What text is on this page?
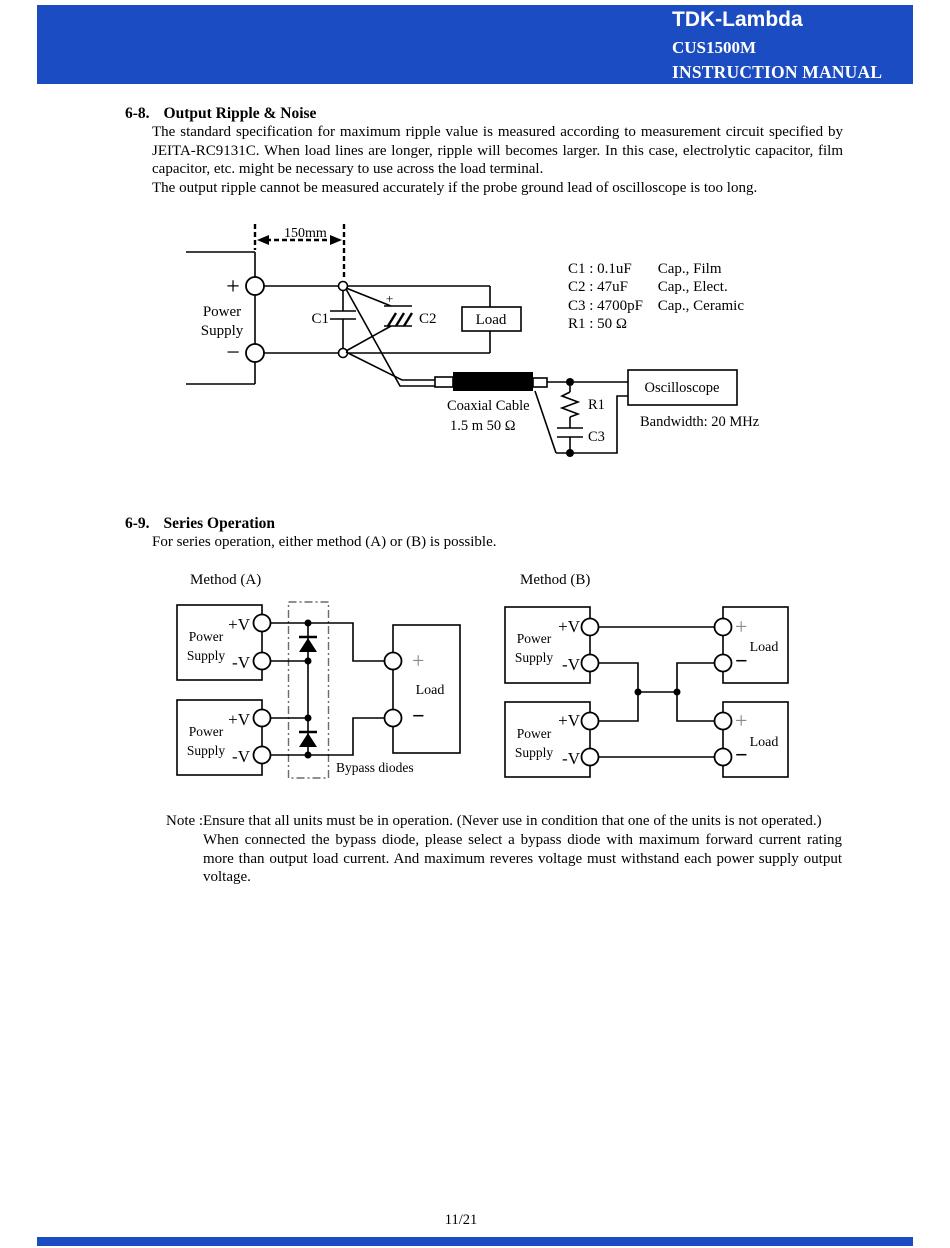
150mm
+
−
Power
Supply
C1
+
C2	Load
Coaxial Cable
1.5 m 50 Ω
R1
C3
Oscilloscope
Bandwidth: 20 MHz
Power
Supply
Power
Supply
+V
-V
+V
-V
Bypass diodes
+
−
Load
Power
Supply
Power
Supply
+V
-V
+V
-V
+
−
Load
+
− Load
TDK-Lambda
CUS1500M
INSTRUCTION MANUAL
6-8. Output Ripple & Noise
The standard specification for maximum ripple value is measured according to measurement circuit specified by JEITA-RC9131C. When load lines are longer, ripple will becomes larger. In this case, electrolytic capacitor, film capacitor, etc. might be necessary to use across the load terminal.
The output ripple cannot be measured accurately if the probe ground lead of oscilloscope is too long.
C1 : 0.1uF Cap., Film
C2 : 47uF Cap., Elect.
C3 : 4700pF Cap., Ceramic
R1 : 50 Ω
6-9. Series Operation
For series operation, either method (A) or (B) is possible.
Method (A)	Method (B)
Note : Ensure that all units must be in operation. (Never use in condition that one of the units is not operated.)
When connected the bypass diode, please select a bypass diode with maximum forward current rating more than output load current. And maximum reveres voltage must withstand each power supply output voltage.
11/21
